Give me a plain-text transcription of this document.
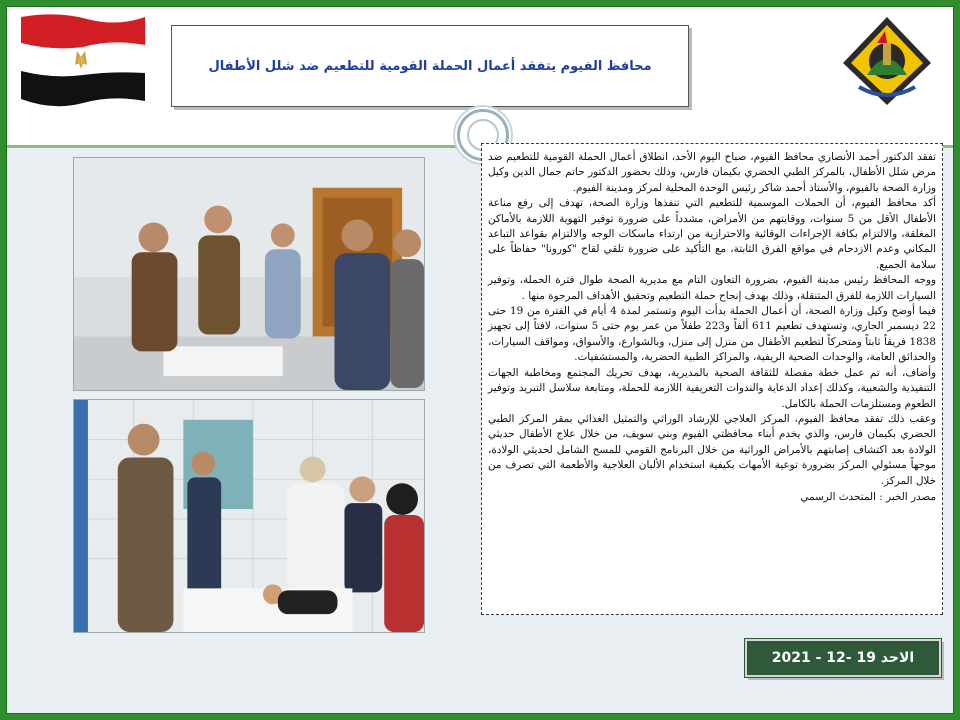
محافظ الفيوم يتفقد أعمال الحملة القومية للتطعيم ضد شلل الأطفال

تفقد الدكتور أحمد الأنصاري محافظ الفيوم، صباح اليوم الأحد، انطلاق أعمال الحملة القومية للتطعيم ضد مرض شلل الأطفال، بالمركز الطبي الحضري بكيمان فارس، وذلك بحضور الدكتور حاتم جمال الدين وكيل وزارة الصحة بالفيوم، والأستاذ أحمد شاكر رئيس الوحدة المحلية لمركز ومدينة الفيوم.

أكد محافظ الفيوم، أن الحملات الموسمية للتطعيم التي تنفذها وزارة الصحة، تهدف إلى رفع مناعة الأطفال الأقل من 5 سنوات، ووقايتهم من الأمراض، مشدداً على ضرورة توفير التهوية اللازمة بالأماكن المغلقة، والالتزام بكافة الإجراءات الوقائية والاحترازية من ارتداء ماسكات الوجه والالتزام بقواعد التباعد المكاني وعدم الازدحام في مواقع الفرق الثابتة، مع التأكيد على ضرورة تلقي لقاح "كورونا" حفاظاً على سلامة الجميع.

ووجه المحافظ رئيس مدينة الفيوم، بضرورة التعاون التام مع مديرية الصحة طوال فترة الحملة، وتوفير السيارات اللازمة للفرق المتنقلة، وذلك بهدف إنجاح حملة التطعيم وتحقيق الأهداف المرجوة منها .

فيما أوضح وكيل وزارة الصحة، أن أعمال الحملة بدأت اليوم وتستمر لمدة 4 أيام في الفترة من 19 حتى 22 ديسمبر الجاري، وتستهدف تطعيم 611 ألفاً و223 طفلاً من عمر يوم حتى 5 سنوات، لافتاً إلى تجهيز 1838 فريقاً ثابتاً ومتحركاً لتطعيم الأطفال من منزل إلى منزل، وبالشوارع، والأسواق، ومواقف السيارات، والحدائق العامة، والوحدات الصحية الريفية، والمراكز الطبية الحضرية، والمستشفيات.

وأضاف، أنه تم عمل خطة مفصلة للثقافة الصحية بالمديرية، بهدف تحريك المجتمع ومخاطبة الجهات التنفيذية والشعبية، وكذلك إعداد الدعاية والندوات التعريفية اللازمة للحملة، ومتابعة سلاسل التبريد وتوفير الطعوم ومستلزمات الحملة بالكامل.

وعقب ذلك تفقد محافظ الفيوم، المركز العلاجي للإرشاد الوراثي والتمثيل الغذائي بمقر المركز الطبي الحضري بكيمان فارس، والذي يخدم أبناء محافظتي الفيوم وبني سويف، من خلال علاج الأطفال حديثي الولادة بعد اكتشاف إصابتهم بالأمراض الوراثية من خلال البرنامج القومي للمسح الشامل لحديثي الولادة، موجهاً مسئولي المركز بضرورة توعية الأمهات بكيفية استخدام الألبان العلاجية والأطعمة التي تصرف من خلال المركز.

مصدر الخبر : المتحدث الرسمي

الاحد 19 -12 - 2021
